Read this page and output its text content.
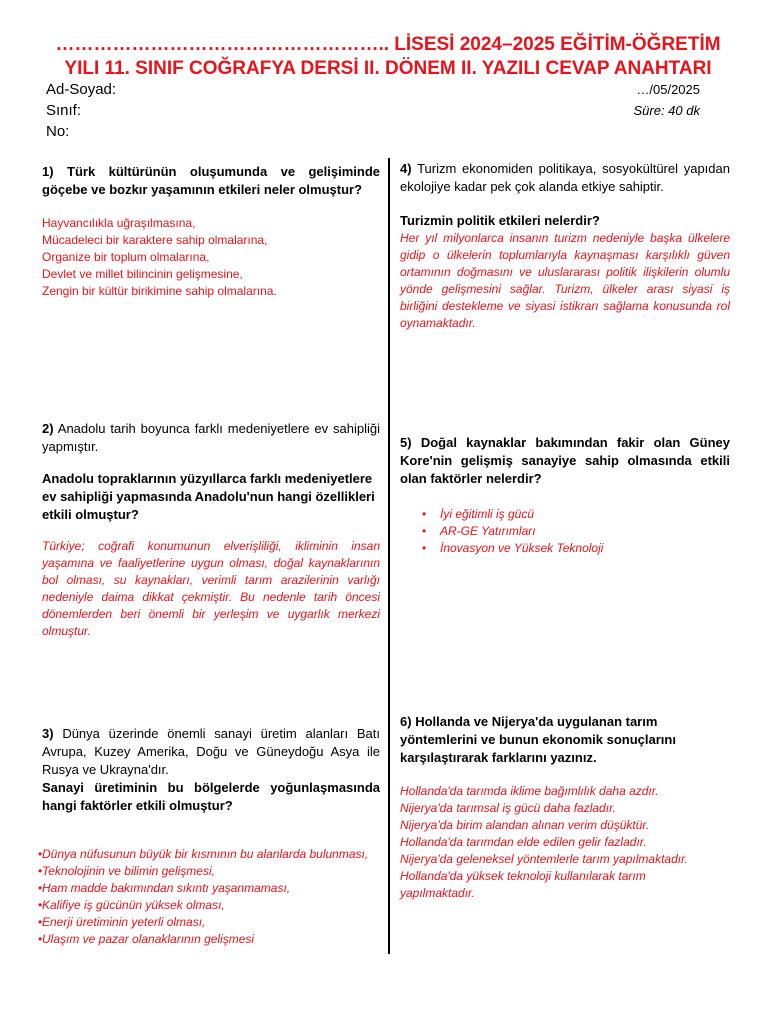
…………………………………………….. LİSESİ 2024–2025 EĞİTİM-ÖĞRETİM
YILI 11. SINIF COĞRAFYA DERSİ II. DÖNEM II. YAZILI CEVAP ANAHTARI
Ad-Soyad:
Sınıf:
No:
…/05/2025
Süre: 40 dk
1) Türk kültürünün oluşumunda ve gelişiminde göçebe ve bozkır yaşamının etkileri neler olmuştur?
Hayvancılıkla uğraşılmasına,
Mücadeleci bir karaktere sahip olmalarına,
Organize bir toplum olmalarına,
Devlet ve millet bilincinin gelişmesine,
Zengin bir kültür birikimine sahip olmalarına.
2) Anadolu tarih boyunca farklı medeniyetlere ev sahipliği yapmıştır.
Anadolu topraklarının yüzyıllarca farklı medeniyetlere ev sahipliği yapmasında Anadolu'nun hangi özellikleri etkili olmuştur?
Türkiye; coğrafi konumunun elverişliliği, ikliminin insan yaşamına ve faaliyetlerine uygun olması, doğal kaynaklarının bol olması, su kaynakları, verimli tarım arazilerinin varlığı nedeniyle daima dikkat çekmiştir. Bu nedenle tarih öncesi dönemlerden beri önemli bir yerleşim ve uygarlık merkezi olmuştur.
3) Dünya üzerinde önemli sanayi üretim alanları Batı Avrupa, Kuzey Amerika, Doğu ve Güneydoğu Asya ile Rusya ve Ukrayna'dır.
Sanayi üretiminin bu bölgelerde yoğunlaşmasında hangi faktörler etkili olmuştur?
• Dünya nüfusunun büyük bir kısmının bu alanlarda bulunması,
• Teknolojinin ve bilimin gelişmesi,
• Ham madde bakımından sıkıntı yaşanmaması,
• Kalifiye iş gücünün yüksek olması,
• Enerji üretiminin yeterli olması,
• Ulaşım ve pazar olanaklarının gelişmesi
4) Turizm ekonomiden politikaya, sosyokültürel yapıdan ekolojiye kadar pek çok alanda etkiye sahiptir.
Turizmin politik etkileri nelerdir?
Her yıl milyonlarca insanın turizm nedeniyle başka ülkelere gidip o ülkelerin toplumlarıyla kaynaşması karşılıklı güven ortamının doğmasını ve uluslararası politik ilişkilerin olumlu yönde gelişmesini sağlar. Turizm, ülkeler arası siyasi iş birliğini destekleme ve siyasi istikrarı sağlama konusunda rol oynamaktadır.
5) Doğal kaynaklar bakımından fakir olan Güney Kore'nin gelişmiş sanayiye sahip olmasında etkili olan faktörler nelerdir?
• İyi eğitimli iş gücü
• AR-GE Yatırımları
• İnovasyon ve Yüksek Teknoloji
6) Hollanda ve Nijerya'da uygulanan tarım yöntemlerini ve bunun ekonomik sonuçlarını karşılaştırarak farklarını yazınız.
Hollanda'da tarımda iklime bağımlılık daha azdır.
Nijerya'da tarımsal iş gücü daha fazladır.
Nijerya'da birim alandan alınan verim düşüktür.
Hollanda'da tarımdan elde edilen gelir fazladır.
Nijerya'da geleneksel yöntemlerle tarım yapılmaktadır.
Hollanda'da yüksek teknoloji kullanılarak tarım yapılmaktadır.
